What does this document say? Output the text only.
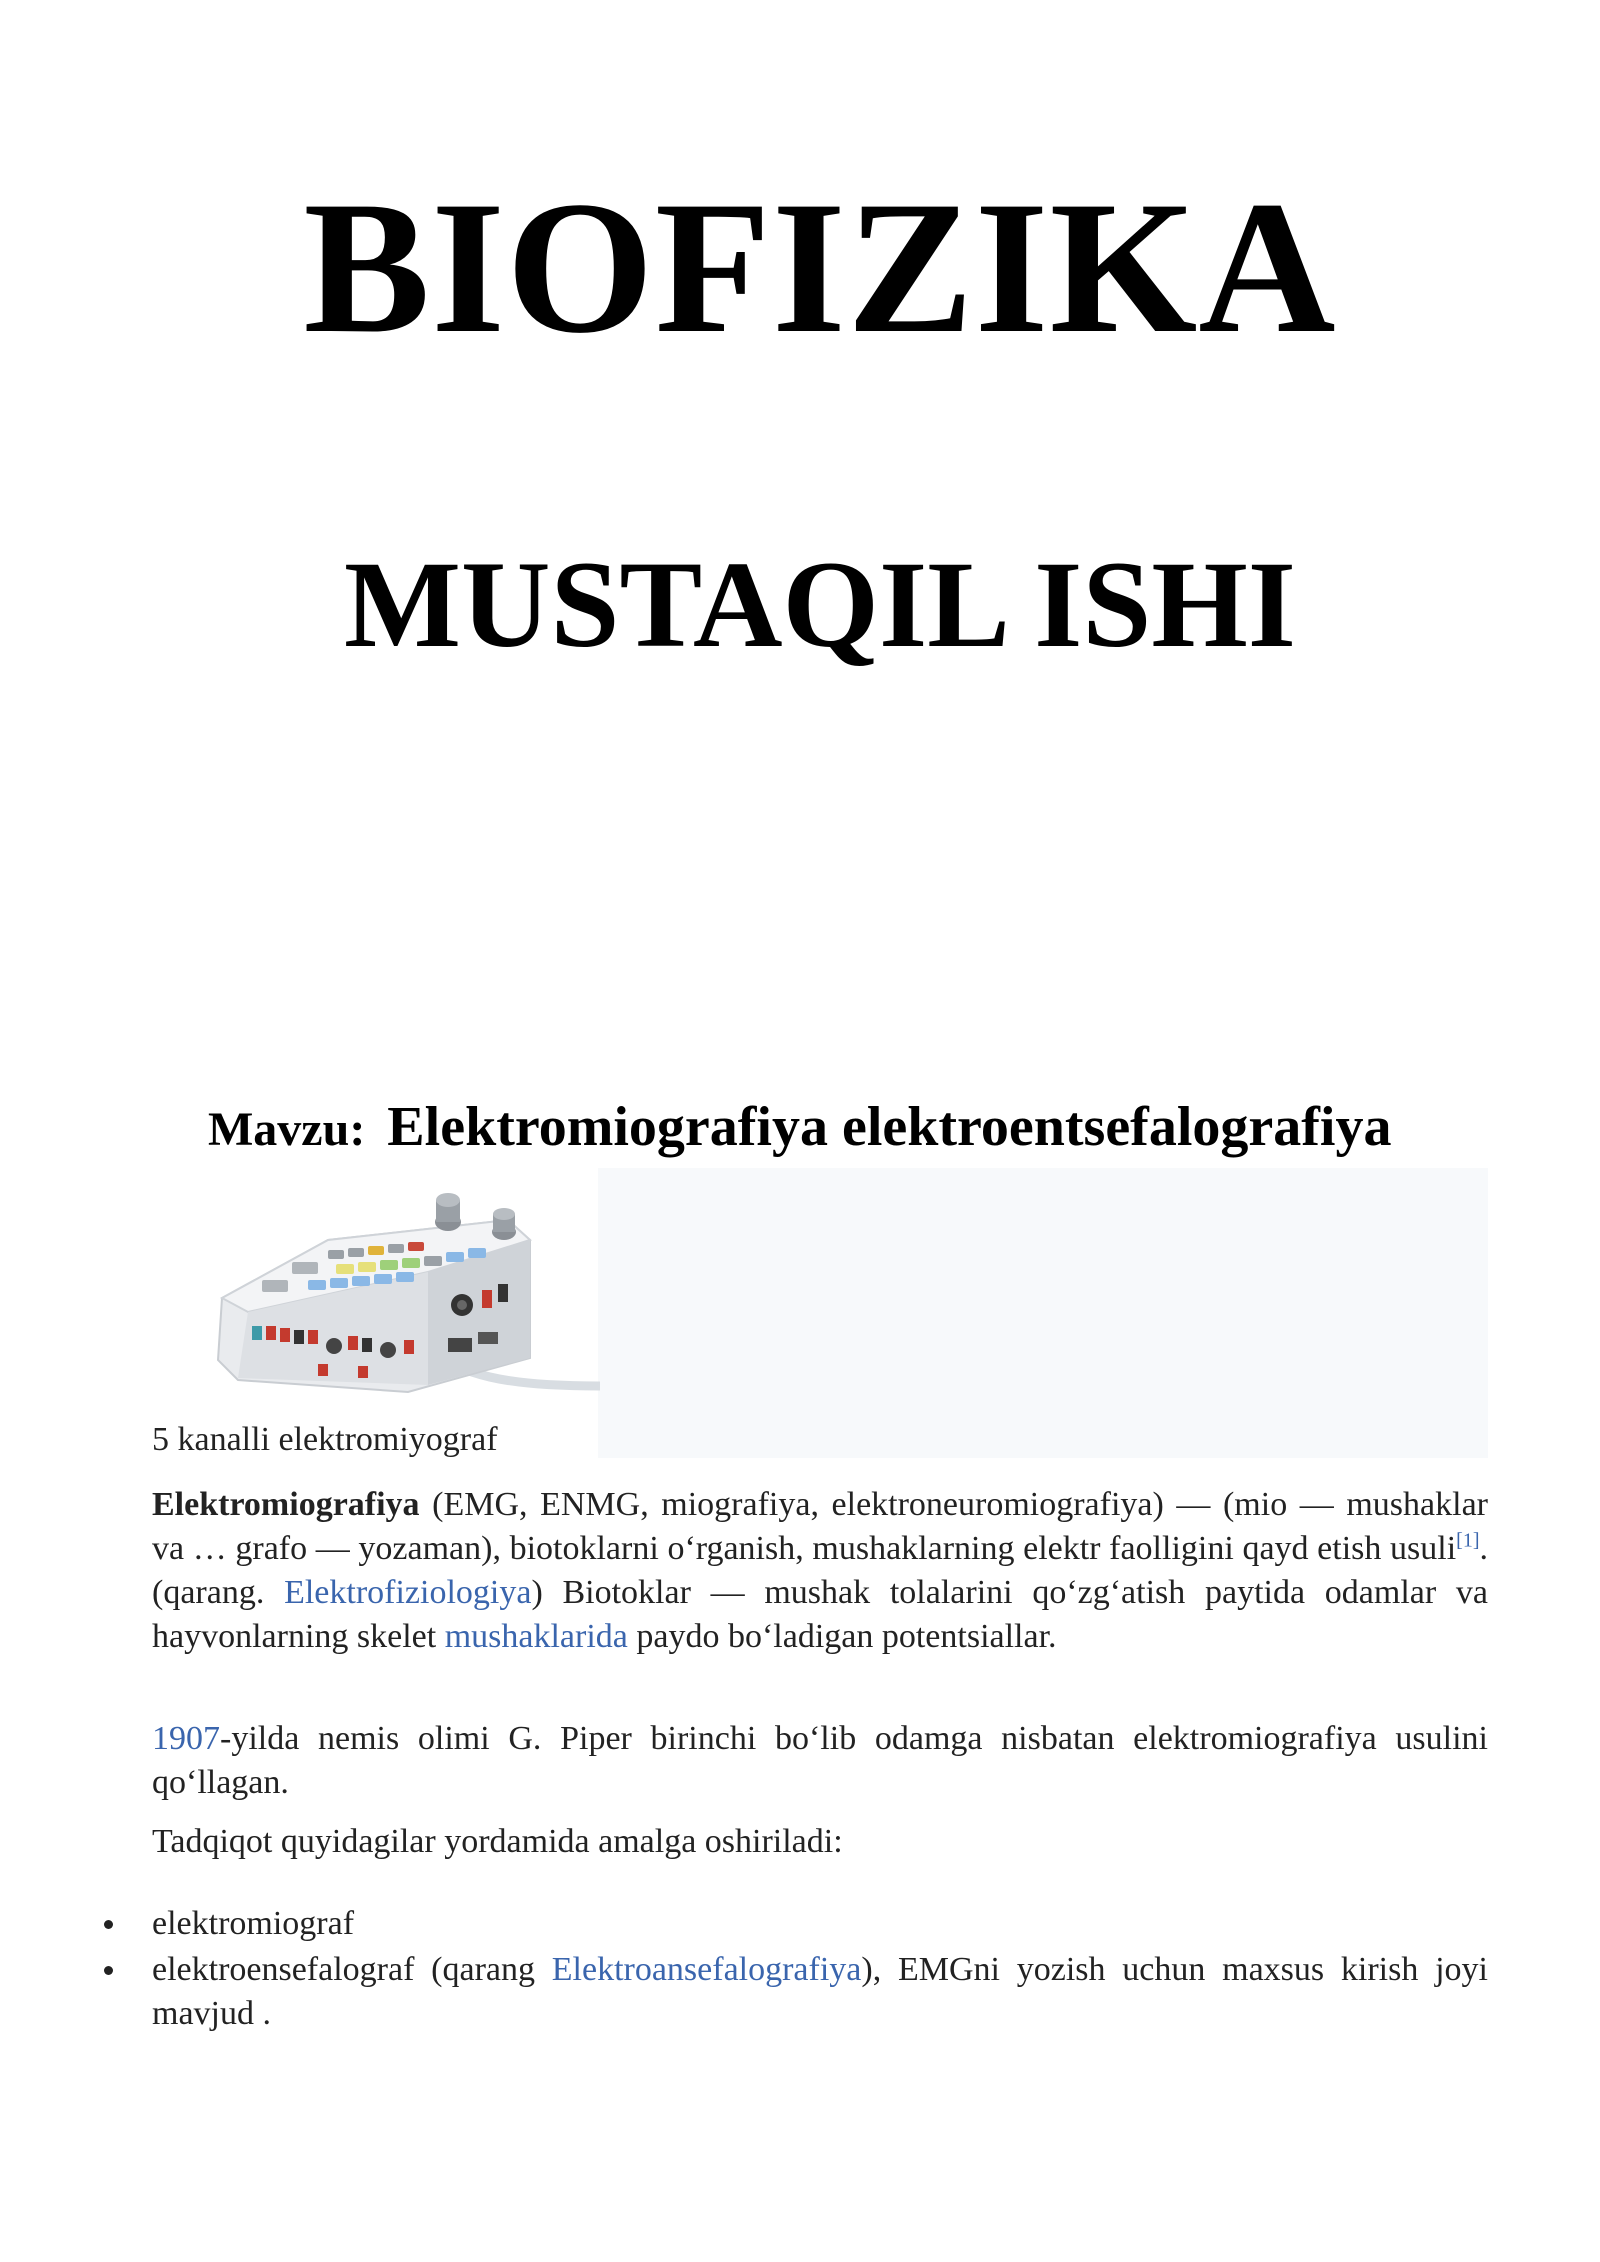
BIOFIZIKA
MUSTAQIL ISHI
Mavzu: Elektromiografiya elektroentsefalografiya
5 kanalli elektromiyograf

Elektromiografiya (EMG, ENMG, miografiya, elektroneuromiografiya) — (mio — mushaklar va … grafo — yozaman), biotoklarni o‘rganish, mushaklarning elektr faolligini qayd etish usuli[1]. (qarang. Elektrofiziologiya) Biotoklar — mushak tolalarini qo‘zg‘atish paytida odamlar va hayvonlarning skelet mushaklarida paydo bo‘ladigan potentsiallar.

1907-yilda nemis olimi G. Piper birinchi bo‘lib odamga nisbatan elektromiografiya usulini qo‘llagan.

Tadqiqot quyidagilar yordamida amalga oshiriladi:

elektromiograf
elektroensefalograf (qarang Elektroansefalografiya), EMGni yozish uchun maxsus kirish joyi mavjud .
